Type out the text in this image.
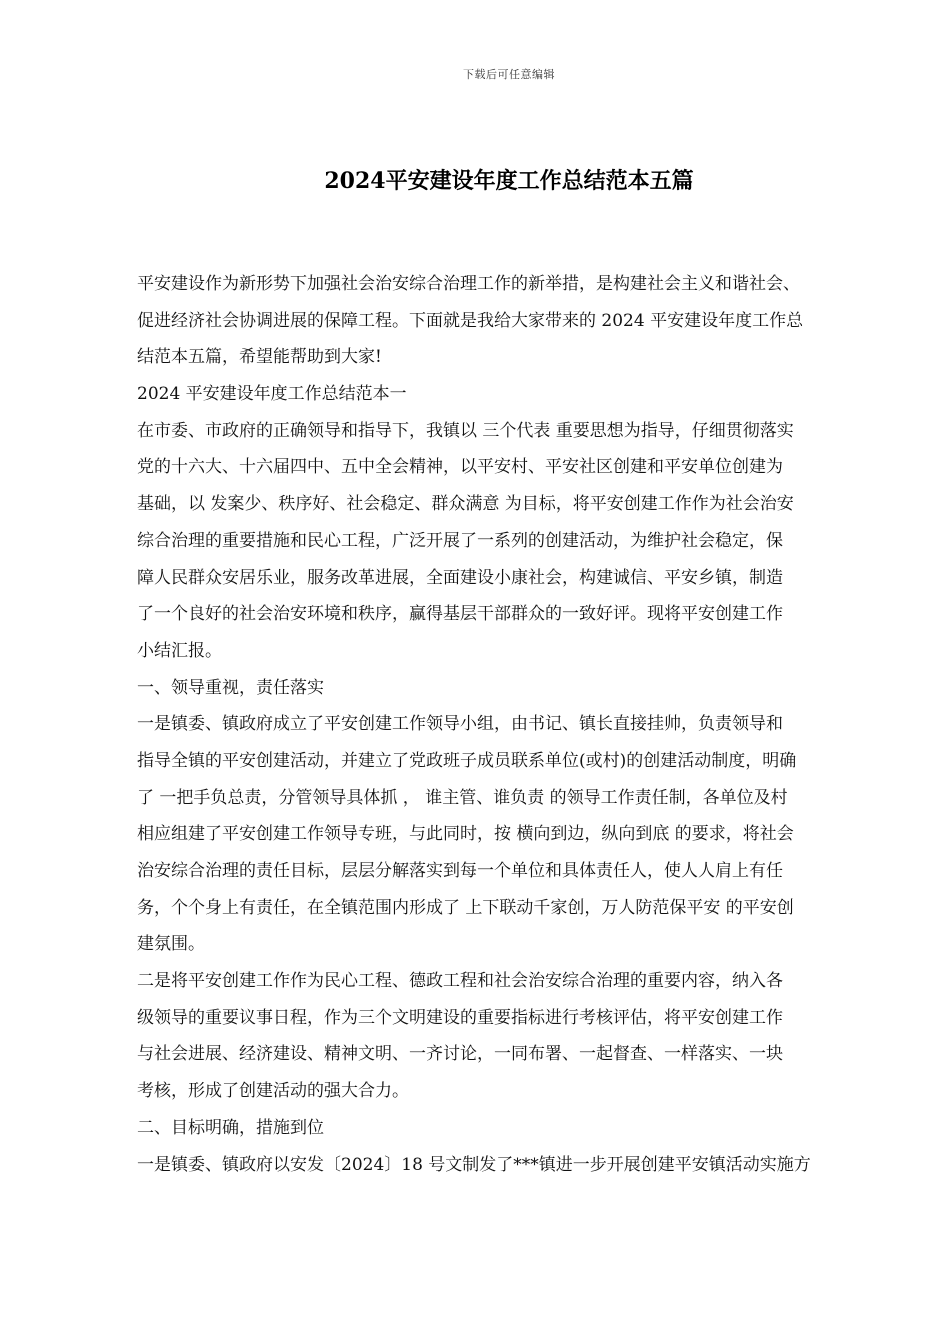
下载后可任意编辑
2024平安建设年度工作总结范本五篇
平安建设作为新形势下加强社会治安综合治理工作的新举措，是构建社会主义和谐社会、
促进经济社会协调进展的保障工程。下面就是我给大家带来的 2024 平安建设年度工作总
结范本五篇，希望能帮助到大家!
2024 平安建设年度工作总结范本一
在市委、市政府的正确领导和指导下，我镇以 三个代表 重要思想为指导，仔细贯彻落实
党的十六大、十六届四中、五中全会精神，以平安村、平安社区创建和平安单位创建为
基础，以 发案少、秩序好、社会稳定、群众满意 为目标，将平安创建工作作为社会治安
综合治理的重要措施和民心工程，广泛开展了一系列的创建活动，为维护社会稳定，保
障人民群众安居乐业，服务改革进展，全面建设小康社会，构建诚信、平安乡镇，制造
了一个良好的社会治安环境和秩序，赢得基层干部群众的一致好评。现将平安创建工作
小结汇报。
一、领导重视，责任落实
一是镇委、镇政府成立了平安创建工作领导小组，由书记、镇长直接挂帅，负责领导和
指导全镇的平安创建活动，并建立了党政班子成员联系单位(或村)的创建活动制度，明确
了 一把手负总责，分管领导具体抓 ， 谁主管、谁负责 的领导工作责任制，各单位及村
相应组建了平安创建工作领导专班，与此同时，按 横向到边，纵向到底 的要求，将社会
治安综合治理的责任目标，层层分解落实到每一个单位和具体责任人，使人人肩上有任
务，个个身上有责任，在全镇范围内形成了 上下联动千家创，万人防范保平安 的平安创
建氛围。
二是将平安创建工作作为民心工程、德政工程和社会治安综合治理的重要内容，纳入各
级领导的重要议事日程，作为三个文明建设的重要指标进行考核评估，将平安创建工作
与社会进展、经济建设、精神文明、一齐讨论，一同布署、一起督查、一样落实、一块
考核，形成了创建活动的强大合力。
二、目标明确，措施到位
一是镇委、镇政府以安发〔2024〕18 号文制发了***镇进一步开展创建平安镇活动实施方
